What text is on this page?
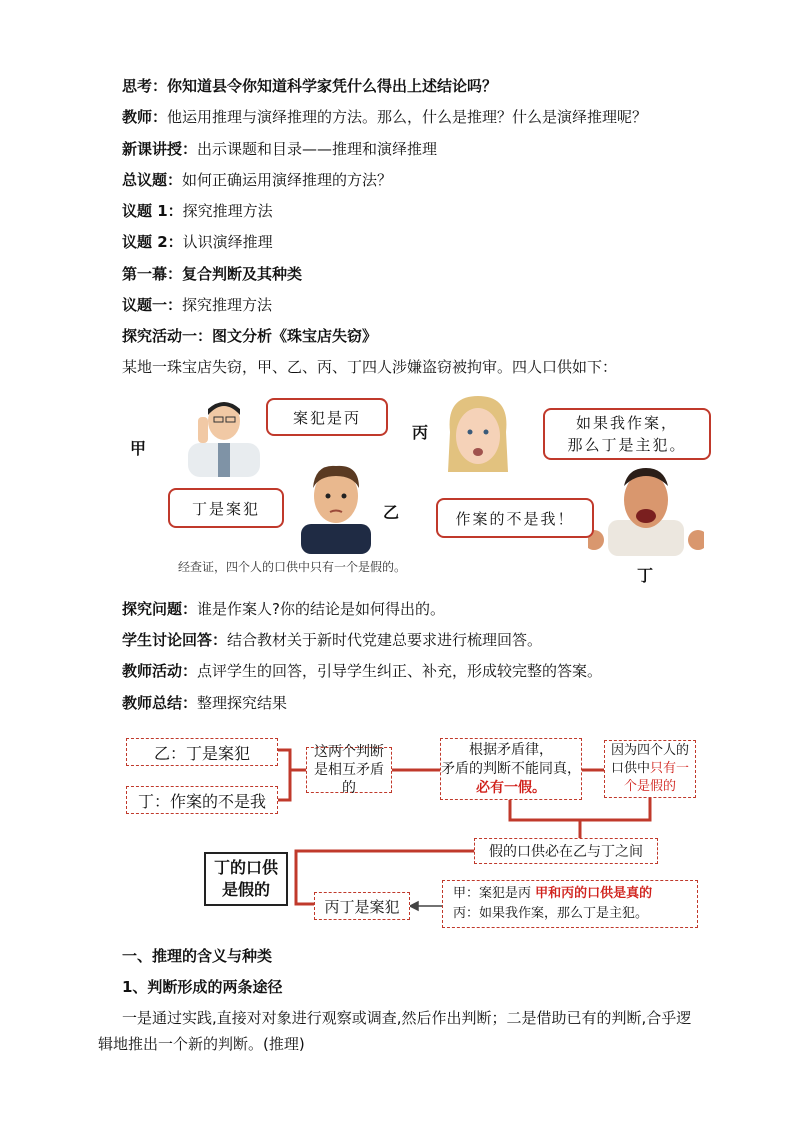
思考：你知道县令你知道科学家凭什么得出上述结论吗？
教师：他运用推理与演绎推理的方法。那么，什么是推理？什么是演绎推理呢？
新课讲授：出示课题和目录——推理和演绎推理
总议题：如何正确运用演绎推理的方法？
议题 1：探究推理方法
议题 2：认识演绎推理
第一幕：复合判断及其种类
议题一：探究推理方法
探究活动一：图文分析《珠宝店失窃》
某地一珠宝店失窃，甲、乙、丙、丁四人涉嫌盗窃被拘审。四人口供如下：
甲
案犯是丙
丙	如果我作案，
那么丁是主犯。
丁是案犯	乙	作案的不是我！
丁
经查证，四个人的口供中只有一个是假的。
探究问题：谁是作案人?你的结论是如何得出的。
学生讨论回答：结合教材关于新时代党建总要求进行梳理回答。
教师活动：点评学生的回答，引导学生纠正、补充，形成较完整的答案。
教师总结：整理探究结果
乙：丁是案犯
丁：作案的不是我
这两个判断是相互矛盾的
根据矛盾律，
矛盾的判断不能同真，
必有一假。
因为四个人的
口供中只有一
个是假的
假的口供必在乙与丁之间
丁的口供是假的
丙丁是案犯
甲：案犯是丙 甲和丙的口供是真的
丙：如果我作案，那么丁是主犯。
一、推理的含义与种类
1、判断形成的两条途径
一是通过实践,直接对对象进行观察或调查,然后作出判断；二是借助已有的判断,合乎逻辑地推出一个新的判断。(推理)
